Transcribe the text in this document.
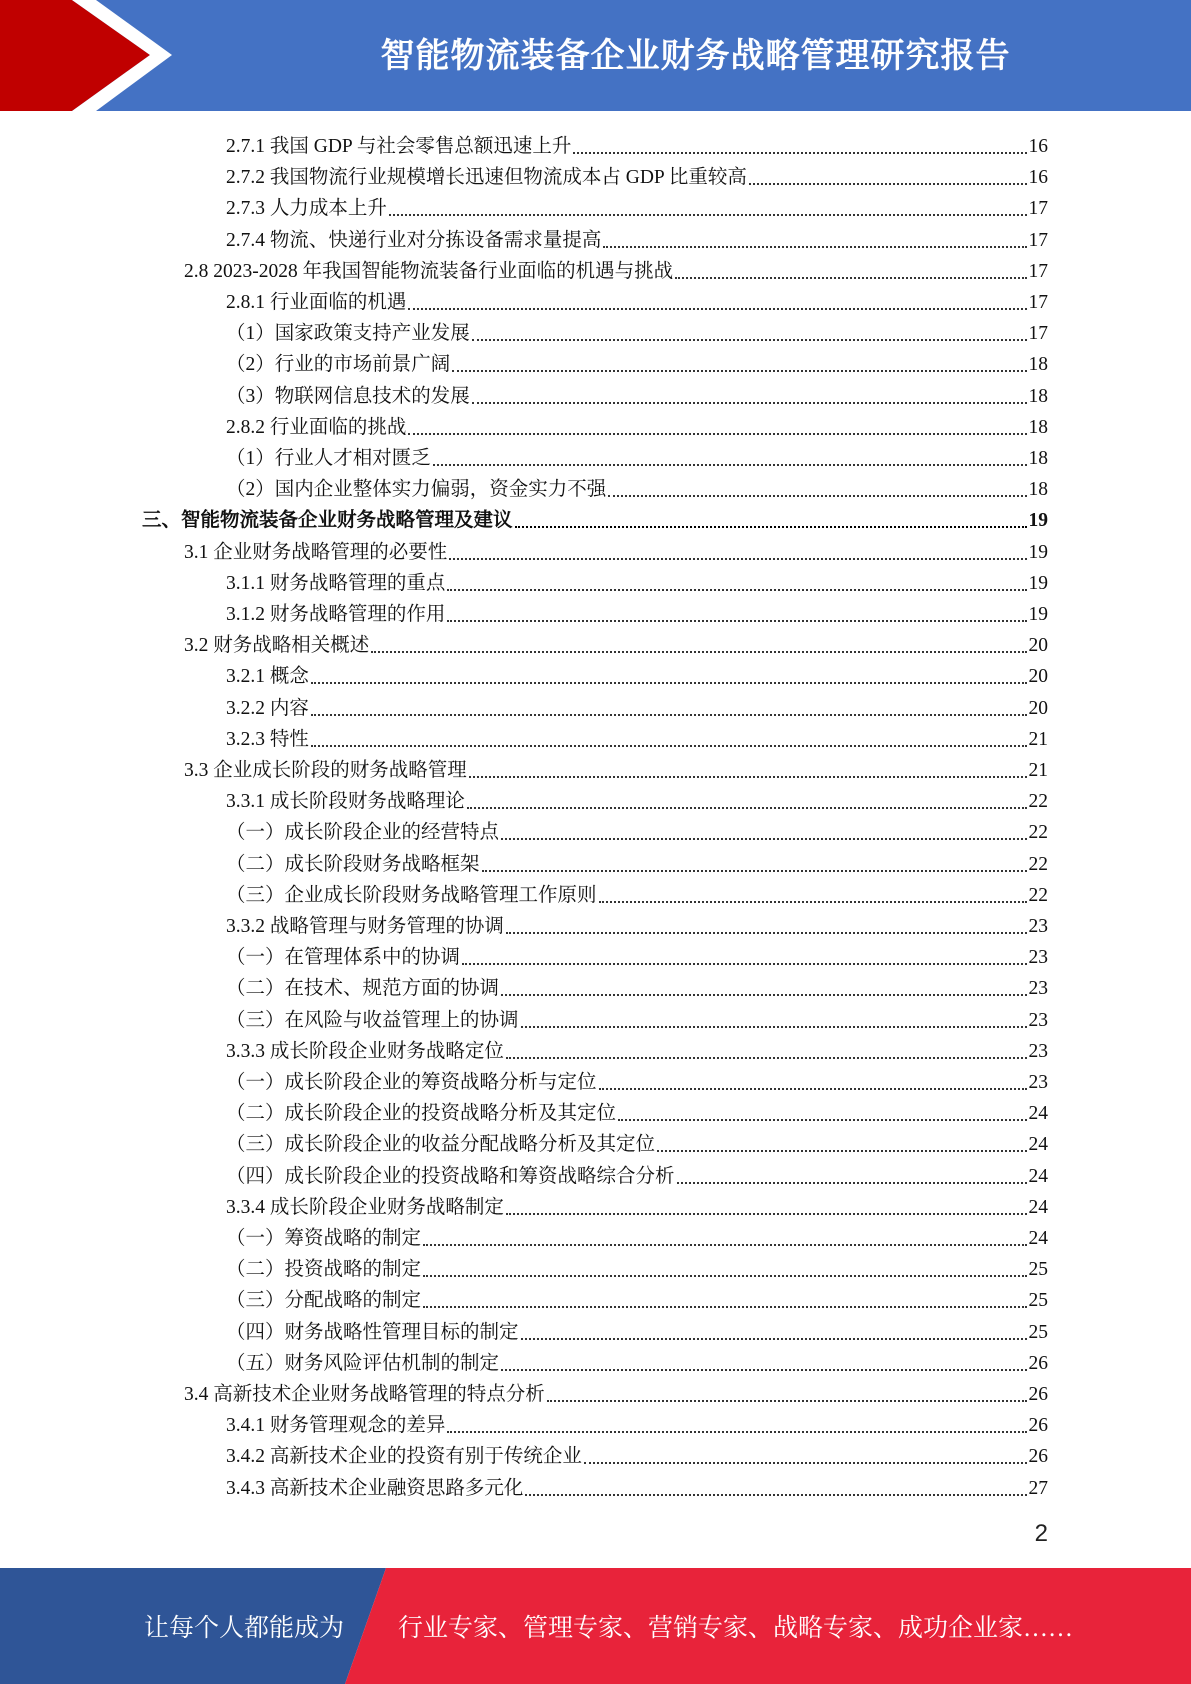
智能物流装备企业财务战略管理研究报告
2.7.1 我国 GDP 与社会零售总额迅速上升	16
2.7.2 我国物流行业规模增长迅速但物流成本占 GDP 比重较高	16
2.7.3 人力成本上升	17
2.7.4 物流、快递行业对分拣设备需求量提高	17
2.8 2023-2028 年我国智能物流装备行业面临的机遇与挑战	17
2.8.1 行业面临的机遇	17
（1）国家政策支持产业发展	17
（2）行业的市场前景广阔	18
（3）物联网信息技术的发展	18
2.8.2 行业面临的挑战	18
（1）行业人才相对匮乏	18
（2）国内企业整体实力偏弱，资金实力不强	18
三、智能物流装备企业财务战略管理及建议	19
3.1 企业财务战略管理的必要性	19
3.1.1 财务战略管理的重点	19
3.1.2 财务战略管理的作用	19
3.2 财务战略相关概述	20
3.2.1 概念	20
3.2.2 内容	20
3.2.3 特性	21
3.3 企业成长阶段的财务战略管理	21
3.3.1 成长阶段财务战略理论	22
（一）成长阶段企业的经营特点	22
（二）成长阶段财务战略框架	22
（三）企业成长阶段财务战略管理工作原则	22
3.3.2 战略管理与财务管理的协调	23
（一）在管理体系中的协调	23
（二）在技术、规范方面的协调	23
（三）在风险与收益管理上的协调	23
3.3.3 成长阶段企业财务战略定位	23
（一）成长阶段企业的筹资战略分析与定位	23
（二）成长阶段企业的投资战略分析及其定位	24
（三）成长阶段企业的收益分配战略分析及其定位	24
（四）成长阶段企业的投资战略和筹资战略综合分析	24
3.3.4 成长阶段企业财务战略制定	24
（一）筹资战略的制定	24
（二）投资战略的制定	25
（三）分配战略的制定	25
（四）财务战略性管理目标的制定	25
（五）财务风险评估机制的制定	26
3.4 高新技术企业财务战略管理的特点分析	26
3.4.1 财务管理观念的差异	26
3.4.2 高新技术企业的投资有别于传统企业	26
3.4.3 高新技术企业融资思路多元化	27
2
让每个人都能成为 行业专家、管理专家、营销专家、战略专家、成功企业家……
